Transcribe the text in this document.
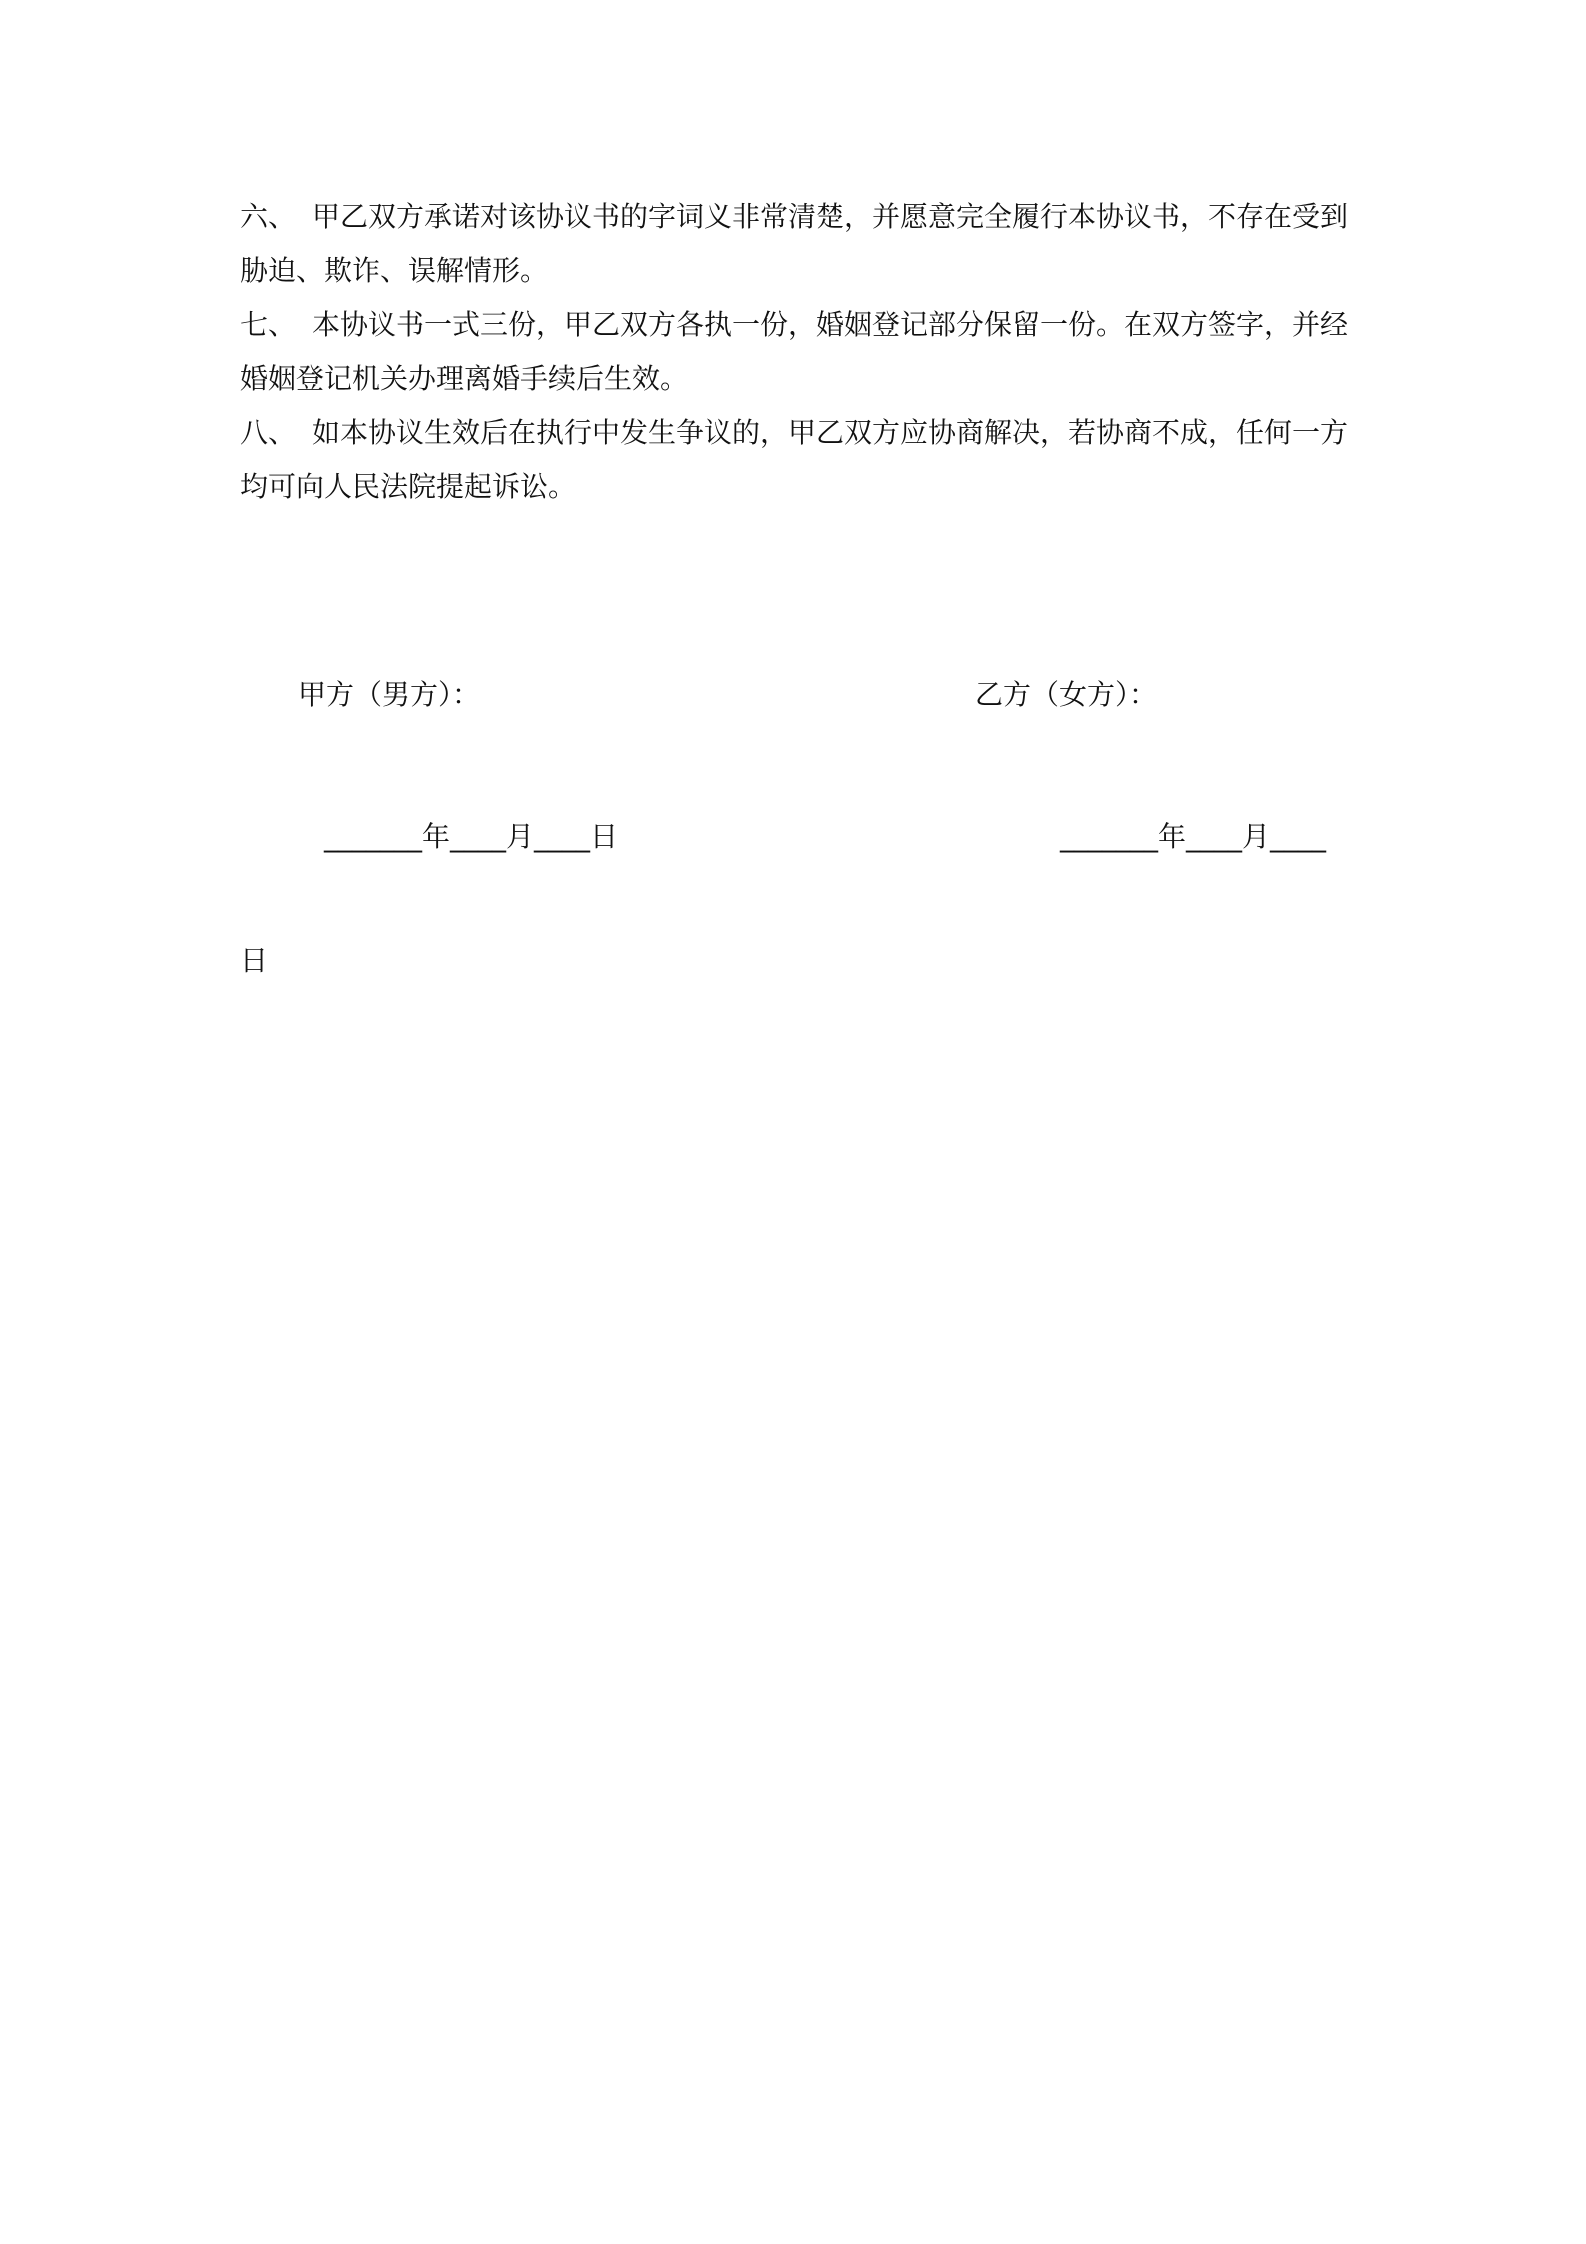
六、 甲乙双方承诺对该协议书的字词义非常清楚，并愿意完全履行本协议书，不存在受到
胁迫、欺诈、误解情形。
七、 本协议书一式三份，甲乙双方各执一份，婚姻登记部分保留一份。在双方签字，并经
婚姻登记机关办理离婚手续后生效。
八、 如本协议生效后在执行中发生争议的，甲乙双方应协商解决，若协商不成，任何一方
均可向人民法院提起诉讼。
甲方（男方）：	乙方（女方）：
_______年____月____日	_______年____月____
日
